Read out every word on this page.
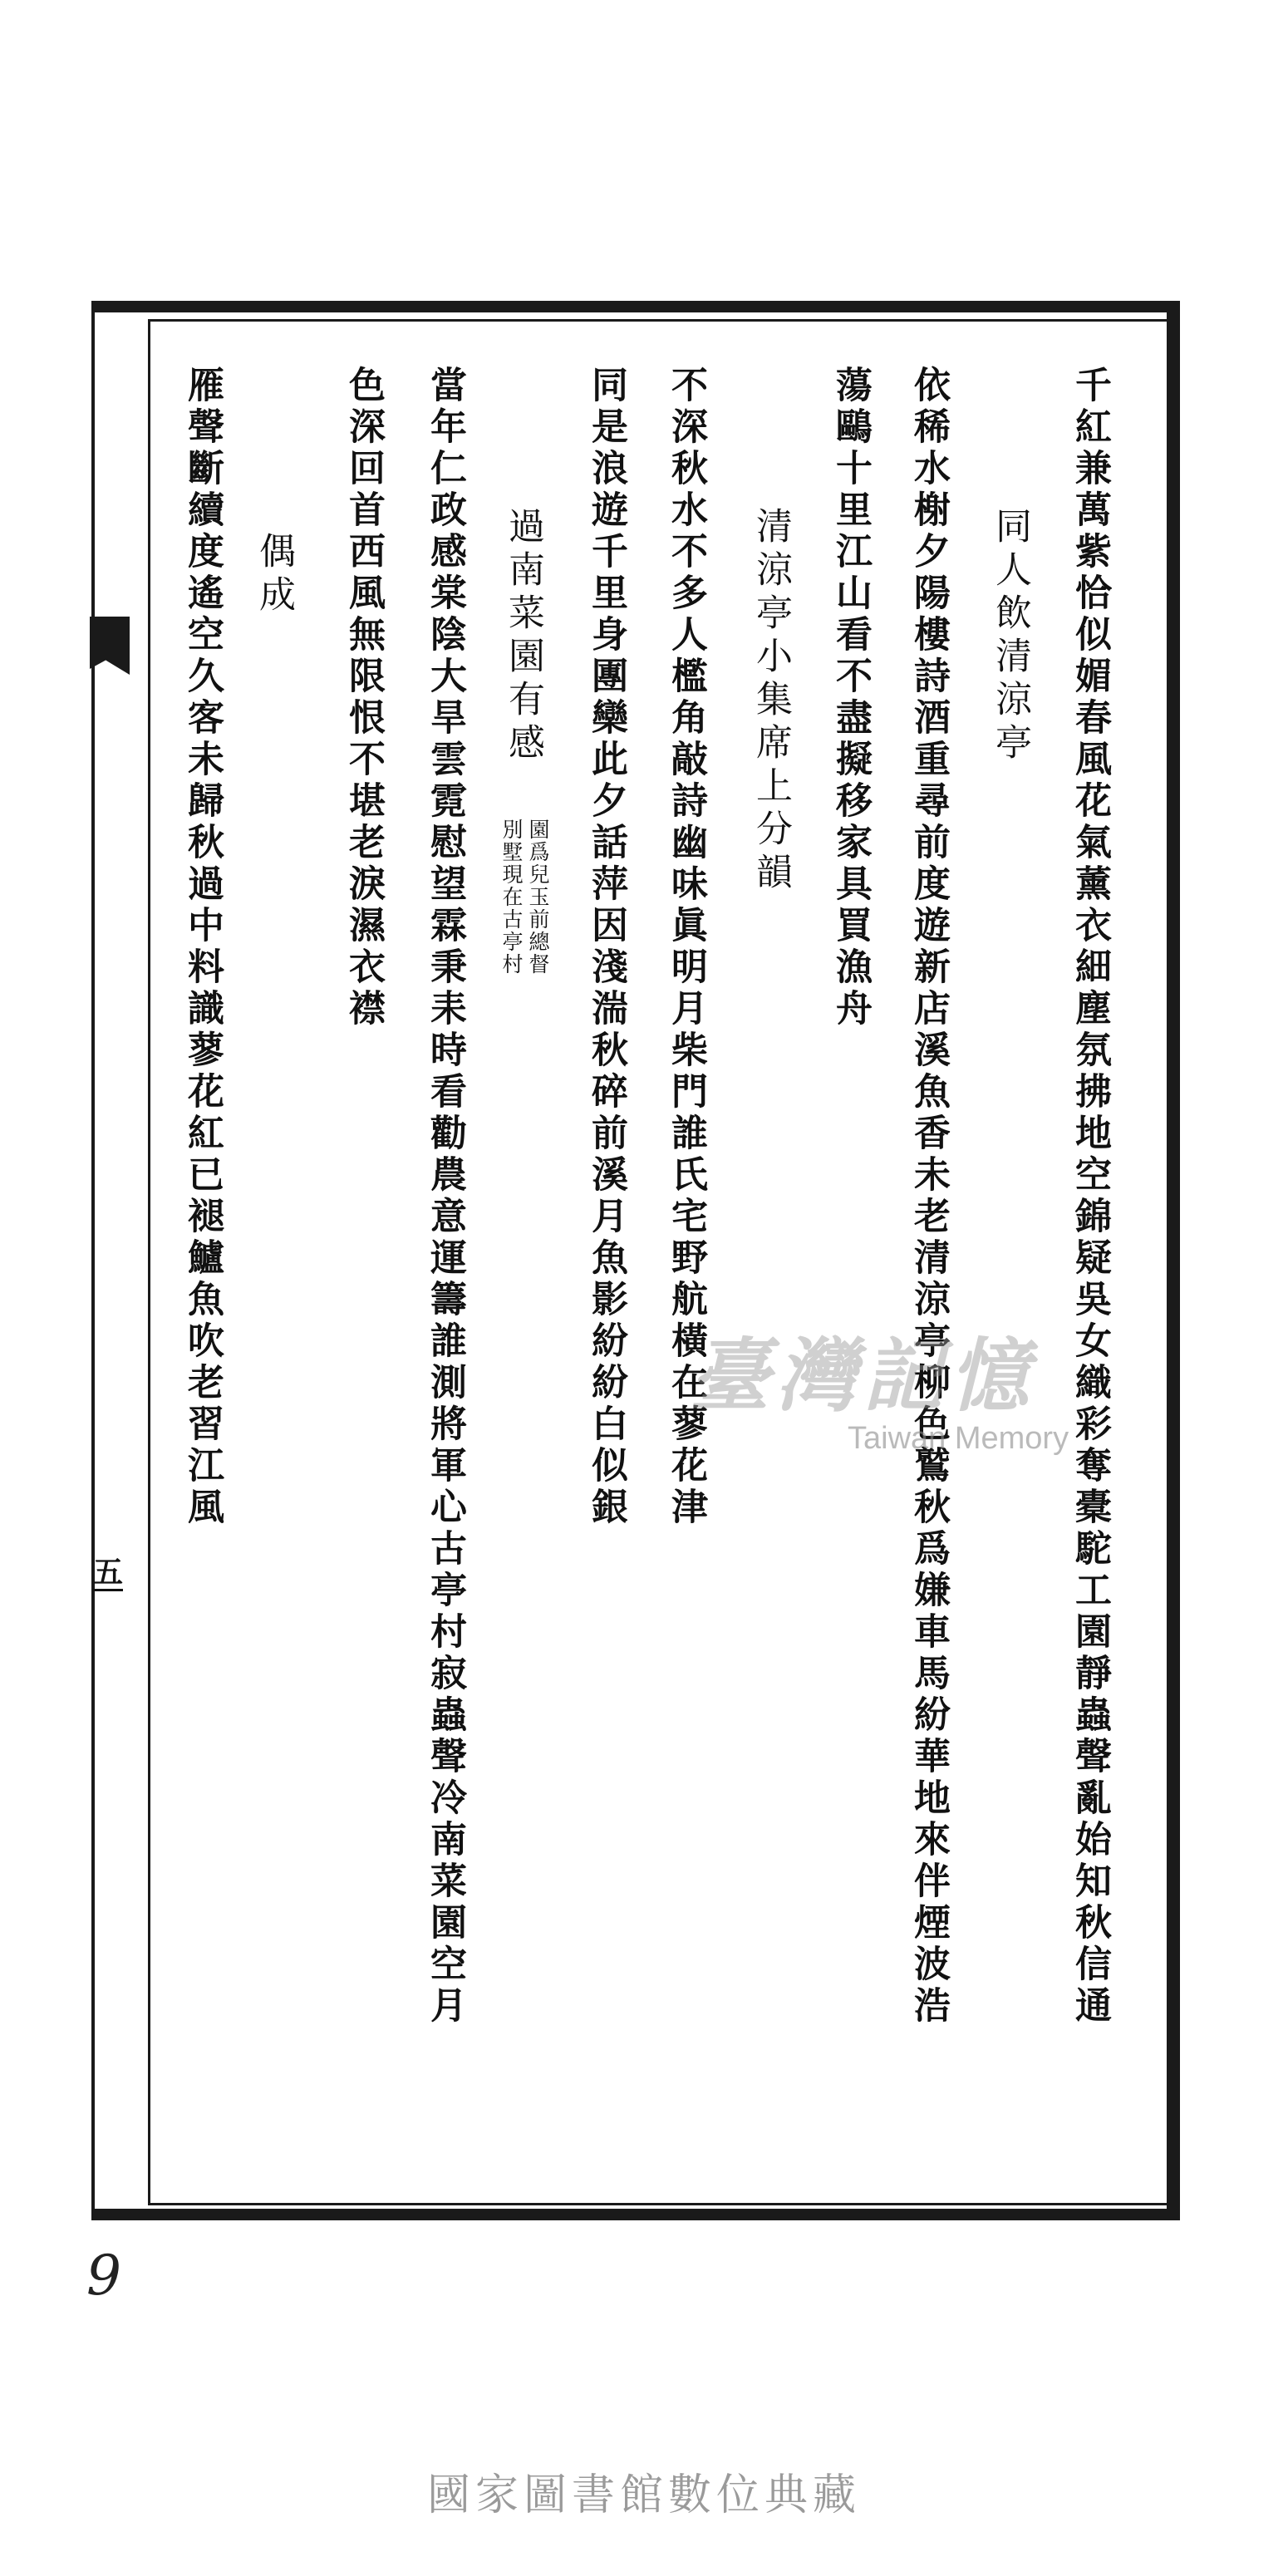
千紅兼萬紫恰似媚春風花氣薰衣細塵氛拂地空錦疑吳女織彩奪橐駝工園靜蟲聲亂始知秋信通
同人飲清涼亭
依稀水榭夕陽樓詩酒重尋前度遊新店溪魚香未老清涼亭柳色鷲秋爲嫌車馬紛華地來伴煙波浩
蕩鷗十里江山看不盡擬移家具買漁舟
清涼亭小集席上分韻
不深秋水不多人檻角敲詩幽味眞明月柴門誰氏宅野航橫在蓼花津
同是浪遊千里身團欒此夕話萍因淺湍秋碎前溪月魚影紛紛白似銀
過南菜園有感
園爲兒玉前總督
別墅現在古亭村
當年仁政感棠陰大旱雲霓慰望霖秉耒時看勸農意運籌誰測將軍心古亭村寂蟲聲冷南菜園空月
色深回首西風無限恨不堪老淚濕衣襟
偶成
雁聲斷續度遙空久客未歸秋過中料識蓼花紅已褪鱸魚吹老習江風
五
9
臺灣記憶
Taiwan Memory
國家圖書館數位典藏
